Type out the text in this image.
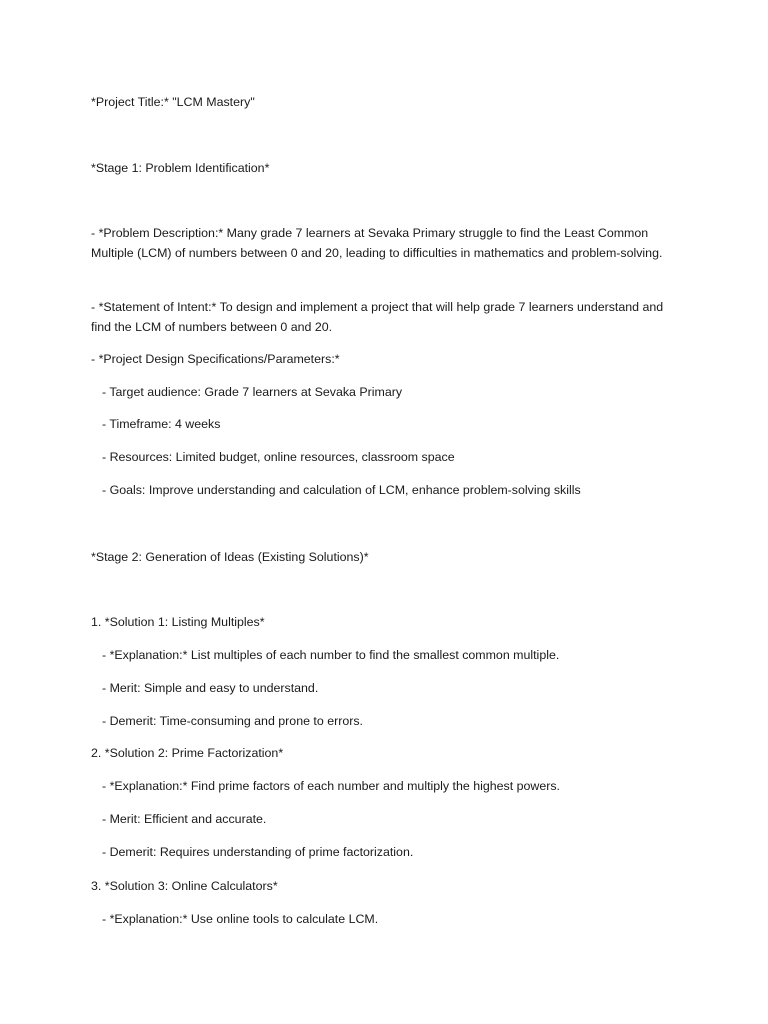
*Project Title:* "LCM Mastery"
*Stage 1: Problem Identification*

- *Problem Description:* Many grade 7 learners at Sevaka Primary struggle to find the Least Common Multiple (LCM) of numbers between 0 and 20, leading to difficulties in mathematics and problem-solving.

- *Statement of Intent:* To design and implement a project that will help grade 7 learners understand and find the LCM of numbers between 0 and 20.

- *Project Design Specifications/Parameters:*
- Target audience: Grade 7 learners at Sevaka Primary
- Timeframe: 4 weeks
- Resources: Limited budget, online resources, classroom space
- Goals: Improve understanding and calculation of LCM, enhance problem-solving skills
*Stage 2: Generation of Ideas (Existing Solutions)*
1. *Solution 1: Listing Multiples*
- *Explanation:* List multiples of each number to find the smallest common multiple.
- Merit: Simple and easy to understand.
- Demerit: Time-consuming and prone to errors.
2. *Solution 2: Prime Factorization*
- *Explanation:* Find prime factors of each number and multiply the highest powers.
- Merit: Efficient and accurate.
- Demerit: Requires understanding of prime factorization.
3. *Solution 3: Online Calculators*
- *Explanation:* Use online tools to calculate LCM.
